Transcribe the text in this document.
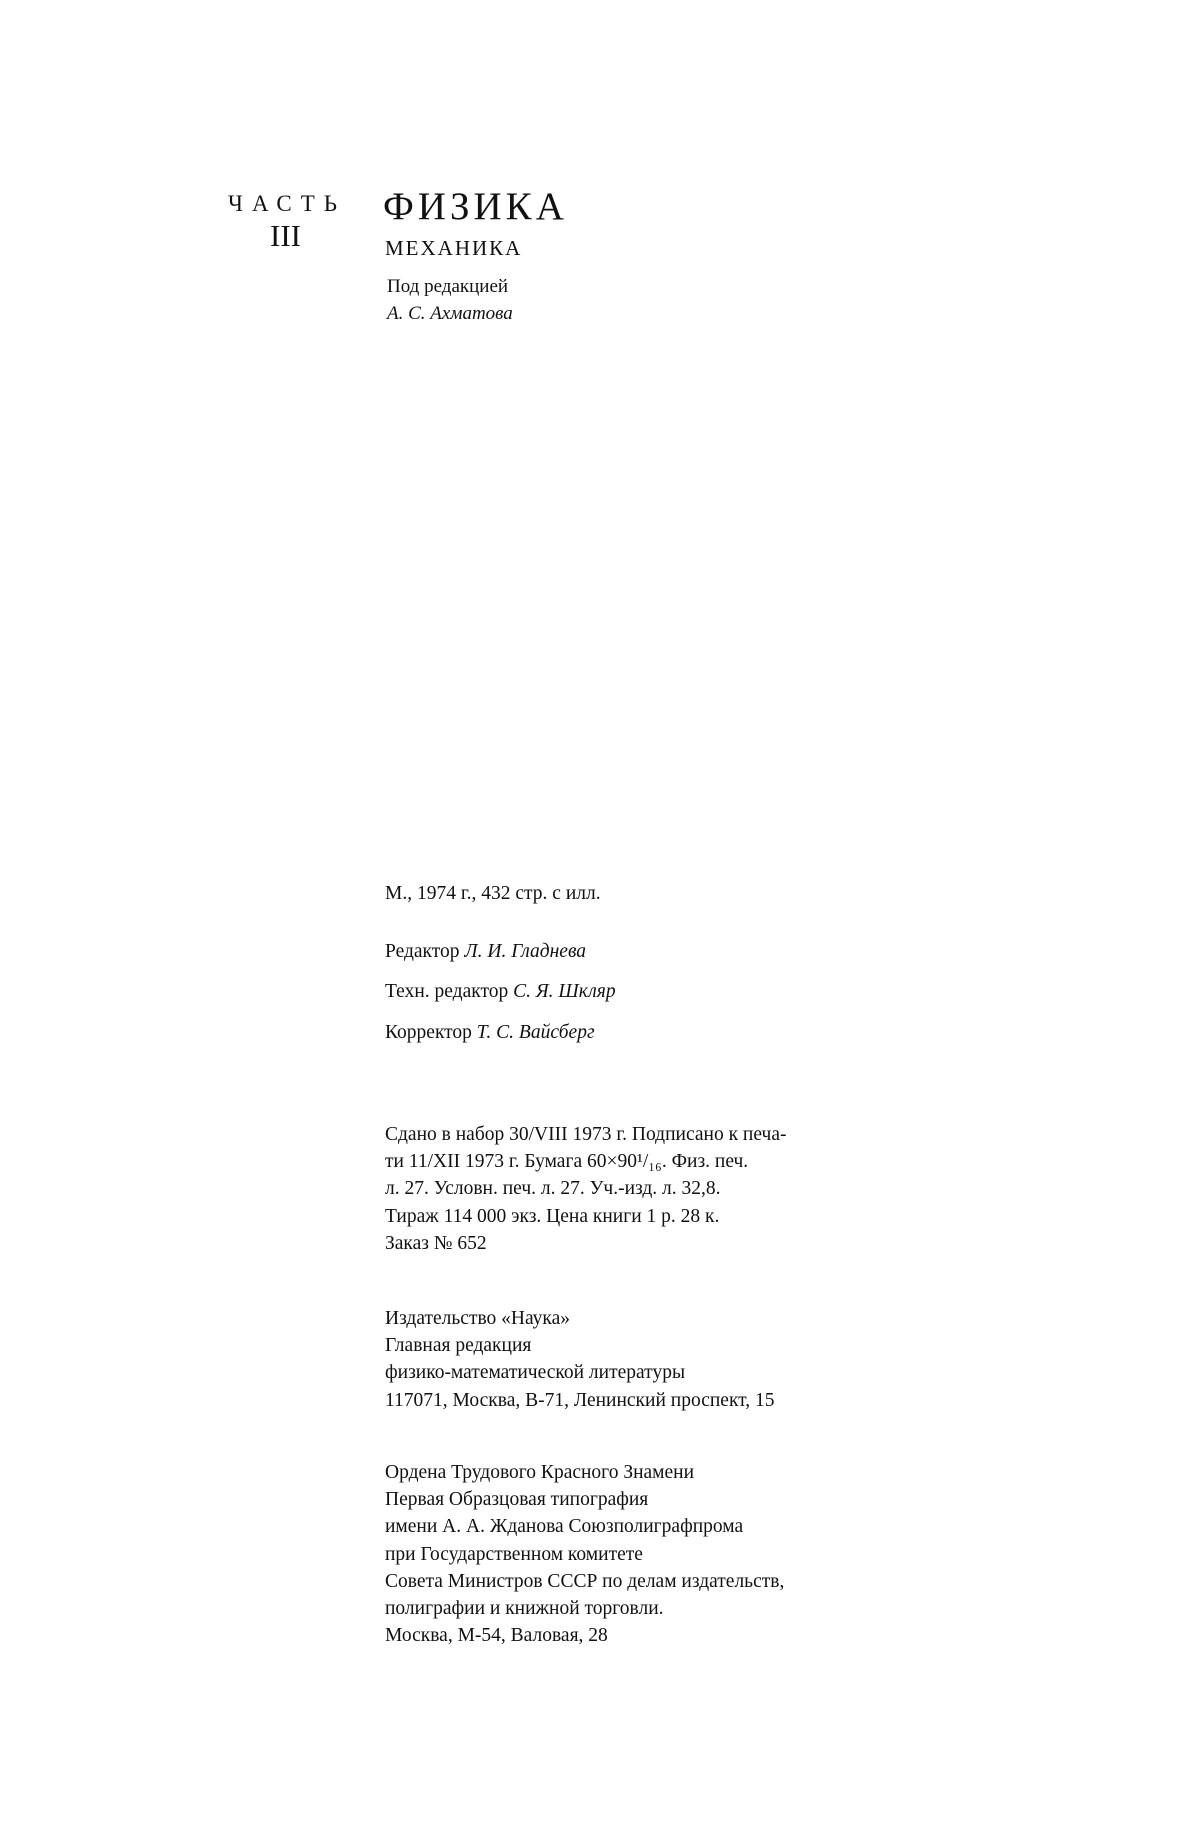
ЧАСТЬ
III
ФИЗИКА
МЕХАНИКА
Под редакцией
А. С. Ахматова
М., 1974 г., 432 стр. с илл.
Редактор Л. И. Гладнева
Техн. редактор С. Я. Шкляр
Корректор Т. С. Вайсберг
Сдано в набор 30/VIII 1973 г. Подписано к печа-
ти 11/XII 1973 г. Бумага 60×90¹/₁₆. Физ. печ.
л. 27. Условн. печ. л. 27. Уч.-изд. л. 32,8.
Тираж 114 000 экз. Цена книги 1 р. 28 к.
Заказ № 652
Издательство «Наука»
Главная редакция
физико-математической литературы
117071, Москва, В-71, Ленинский проспект, 15
Ордена Трудового Красного Знамени
Первая Образцовая типография
имени А. А. Жданова Союзполиграфпрома
при Государственном комитете
Совета Министров СССР по делам издательств,
полиграфии и книжной торговли.
Москва, М-54, Валовая, 28
